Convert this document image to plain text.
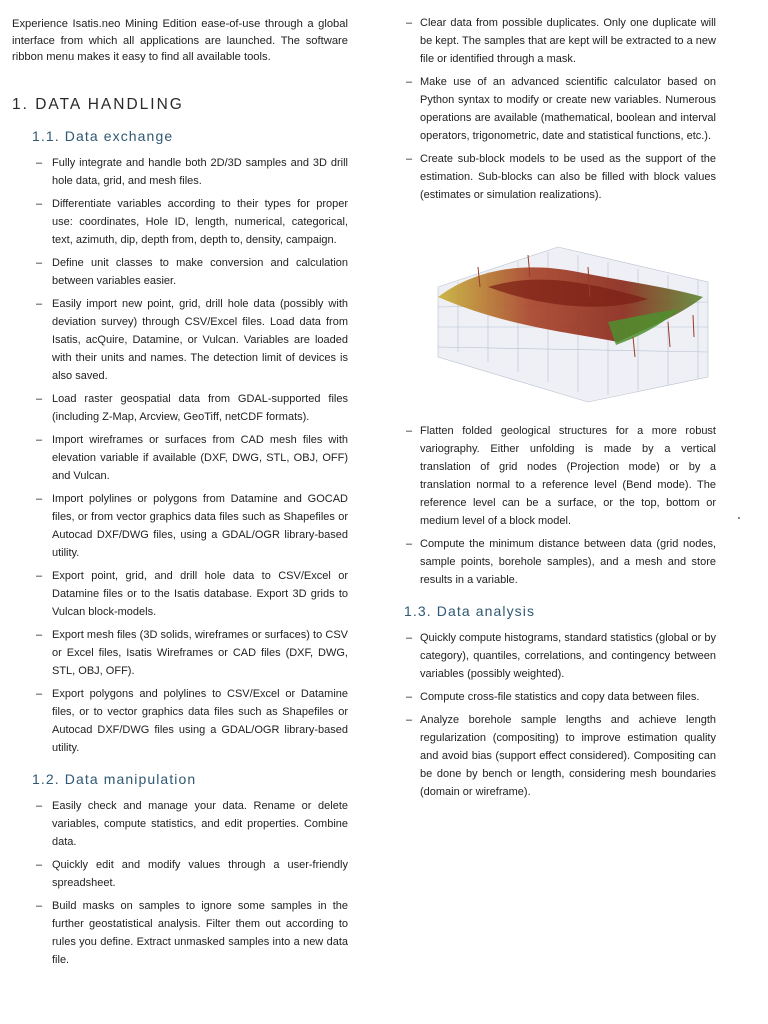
Experience Isatis.neo Mining Edition ease-of-use through a global interface from which all applications are launched. The software ribbon menu makes it easy to find all available tools.

1. DATA HANDLING
1.1. Data exchange
– Fully integrate and handle both 2D/3D samples and 3D drill hole data, grid, and mesh files.
– Differentiate variables according to their types for proper use: coordinates, Hole ID, length, numerical, categorical, text, azimuth, dip, depth from, depth to, density, campaign.
– Define unit classes to make conversion and calculation between variables easier.
– Easily import new point, grid, drill hole data (possibly with deviation survey) through CSV/Excel files. Load data from Isatis, acQuire, Datamine, or Vulcan. Variables are loaded with their units and names. The detection limit of devices is also saved.
– Load raster geospatial data from GDAL-supported files (including Z-Map, Arcview, GeoTiff, netCDF formats).
– Import wireframes or surfaces from CAD mesh files with elevation variable if available (DXF, DWG, STL, OBJ, OFF) and Vulcan.
– Import polylines or polygons from Datamine and GOCAD files, or from vector graphics data files such as Shapefiles or Autocad DXF/DWG files, using a GDAL/OGR library-based utility.
– Export point, grid, and drill hole data to CSV/Excel or Datamine files or to the Isatis database. Export 3D grids to Vulcan block-models.
– Export mesh files (3D solids, wireframes or surfaces) to CSV or Excel files, Isatis Wireframes or CAD files (DXF, DWG, STL, OBJ, OFF).
– Export polygons and polylines to CSV/Excel or Datamine files, or to vector graphics data files such as Shapefiles or Autocad DXF/DWG files using a GDAL/OGR library-based utility.
1.2. Data manipulation
– Easily check and manage your data. Rename or delete variables, compute statistics, and edit properties. Combine data.
– Quickly edit and modify values through a user-friendly spreadsheet.
– Build masks on samples to ignore some samples in the further geostatistical analysis. Filter them out according to rules you define. Extract unmasked samples into a new data file.
– Clear data from possible duplicates. Only one duplicate will be kept. The samples that are kept will be extracted to a new file or identified through a mask.
– Make use of an advanced scientific calculator based on Python syntax to modify or create new variables. Numerous operations are available (mathematical, boolean and interval operators, trigonometric, date and statistical functions, etc.).
– Create sub-block models to be used as the support of the estimation. Sub-blocks can also be filled with block values (estimates or simulation realizations).
– Flatten folded geological structures for a more robust variography. Either unfolding is made by a vertical translation of grid nodes (Projection mode) or by a translation normal to a reference level (Bend mode). The reference level can be a surface, or the top, bottom or medium level of a block model.
– Compute the minimum distance between data (grid nodes, sample points, borehole samples), and a mesh and store results in a variable.
1.3. Data analysis
– Quickly compute histograms, standard statistics (global or by category), quantiles, correlations, and contingency between variables (possibly weighted).
– Compute cross-file statistics and copy data between files.
– Analyze borehole sample lengths and achieve length regularization (compositing) to improve estimation quality and avoid bias (support effect considered). Compositing can be done by bench or length, considering mesh boundaries (domain or wireframe).
